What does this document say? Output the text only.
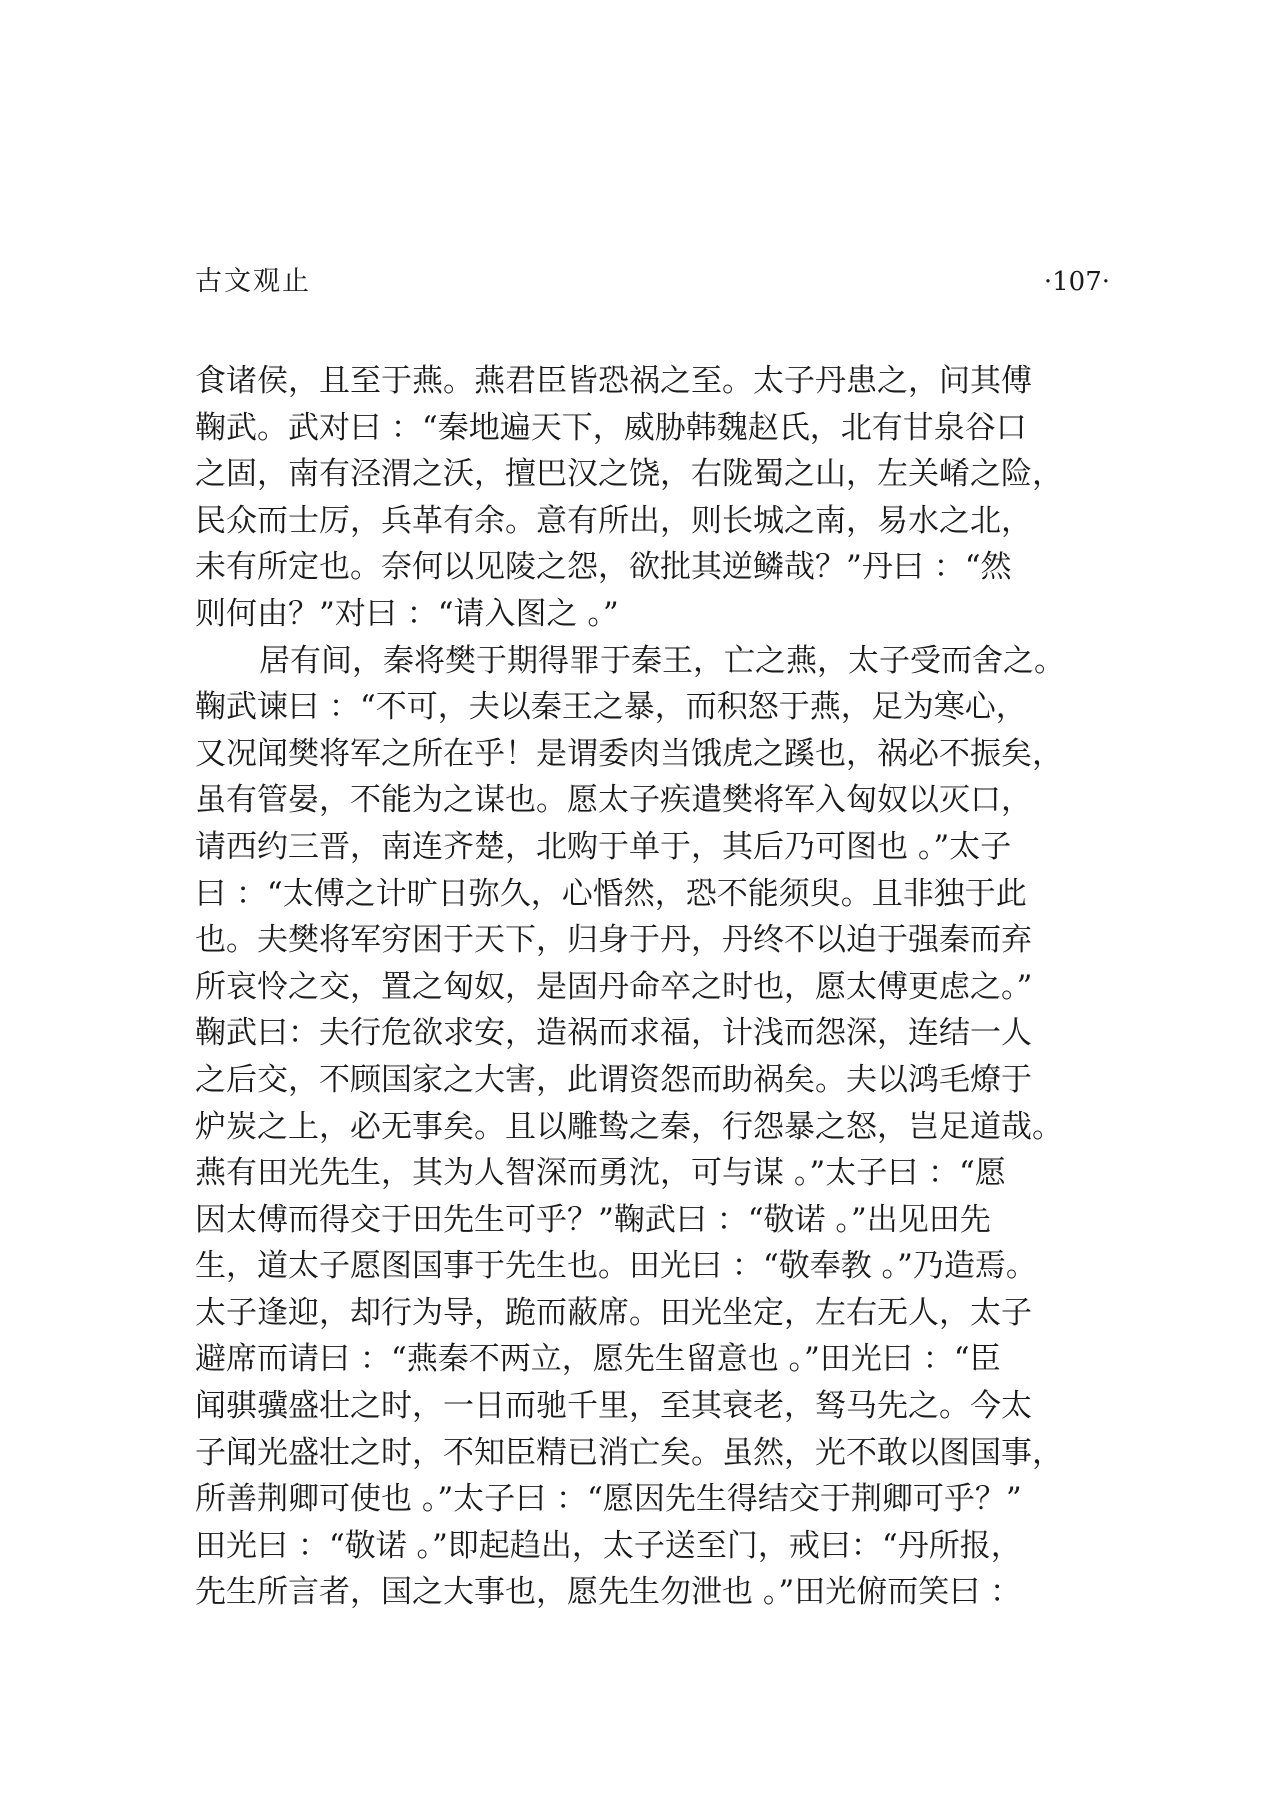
古文观止	·107·
食诸侯，且至于燕。燕君臣皆恐祸之至。太子丹患之，问其傅
鞠武。武对曰 ：“秦地遍天下，威胁韩魏赵氏，北有甘泉谷口
之固，南有泾渭之沃，擅巴汉之饶，右陇蜀之山，左关崤之险，
民众而士厉，兵革有余。意有所出，则长城之南，易水之北，
未有所定也。奈何以见陵之怨，欲批其逆鳞哉？”丹曰 ：“然
则何由？”对曰 ：“请入图之 。”
居有间，秦将樊于期得罪于秦王，亡之燕，太子受而舍之。
鞠武谏曰 ：“不可，夫以秦王之暴，而积怒于燕，足为寒心，
又况闻樊将军之所在乎！是谓委肉当饿虎之蹊也，祸必不振矣，
虽有管晏，不能为之谋也。愿太子疾遣樊将军入匈奴以灭口，
请西约三晋，南连齐楚，北购于单于，其后乃可图也 。”太子
曰 ：“太傅之计旷日弥久，心惛然，恐不能须臾。且非独于此
也。夫樊将军穷困于天下，归身于丹，丹终不以迫于强秦而弃
所哀怜之交，置之匈奴，是固丹命卒之时也，愿太傅更虑之。”
鞠武曰：夫行危欲求安，造祸而求福，计浅而怨深，连结一人
之后交，不顾国家之大害，此谓资怨而助祸矣。夫以鸿毛燎于
炉炭之上，必无事矣。且以雕鸷之秦，行怨暴之怒，岂足道哉。
燕有田光先生，其为人智深而勇沈，可与谋 。”太子曰 ：“愿
因太傅而得交于田先生可乎？”鞠武曰 ：“敬诺 。”出见田先
生，道太子愿图国事于先生也。田光曰 ：“敬奉教 。”乃造焉。
太子逢迎，却行为导，跪而蔽席。田光坐定，左右无人，太子
避席而请曰 ：“燕秦不两立，愿先生留意也 。”田光曰 ：“臣
闻骐骥盛壮之时，一日而驰千里，至其衰老，驽马先之。今太
子闻光盛壮之时，不知臣精已消亡矣。虽然，光不敢以图国事，
所善荆卿可使也 。”太子曰 ：“愿因先生得结交于荆卿可乎？”
田光曰 ：“敬诺 。”即起趋出，太子送至门，戒曰：“丹所报，
先生所言者，国之大事也，愿先生勿泄也 。”田光俯而笑曰 ：
